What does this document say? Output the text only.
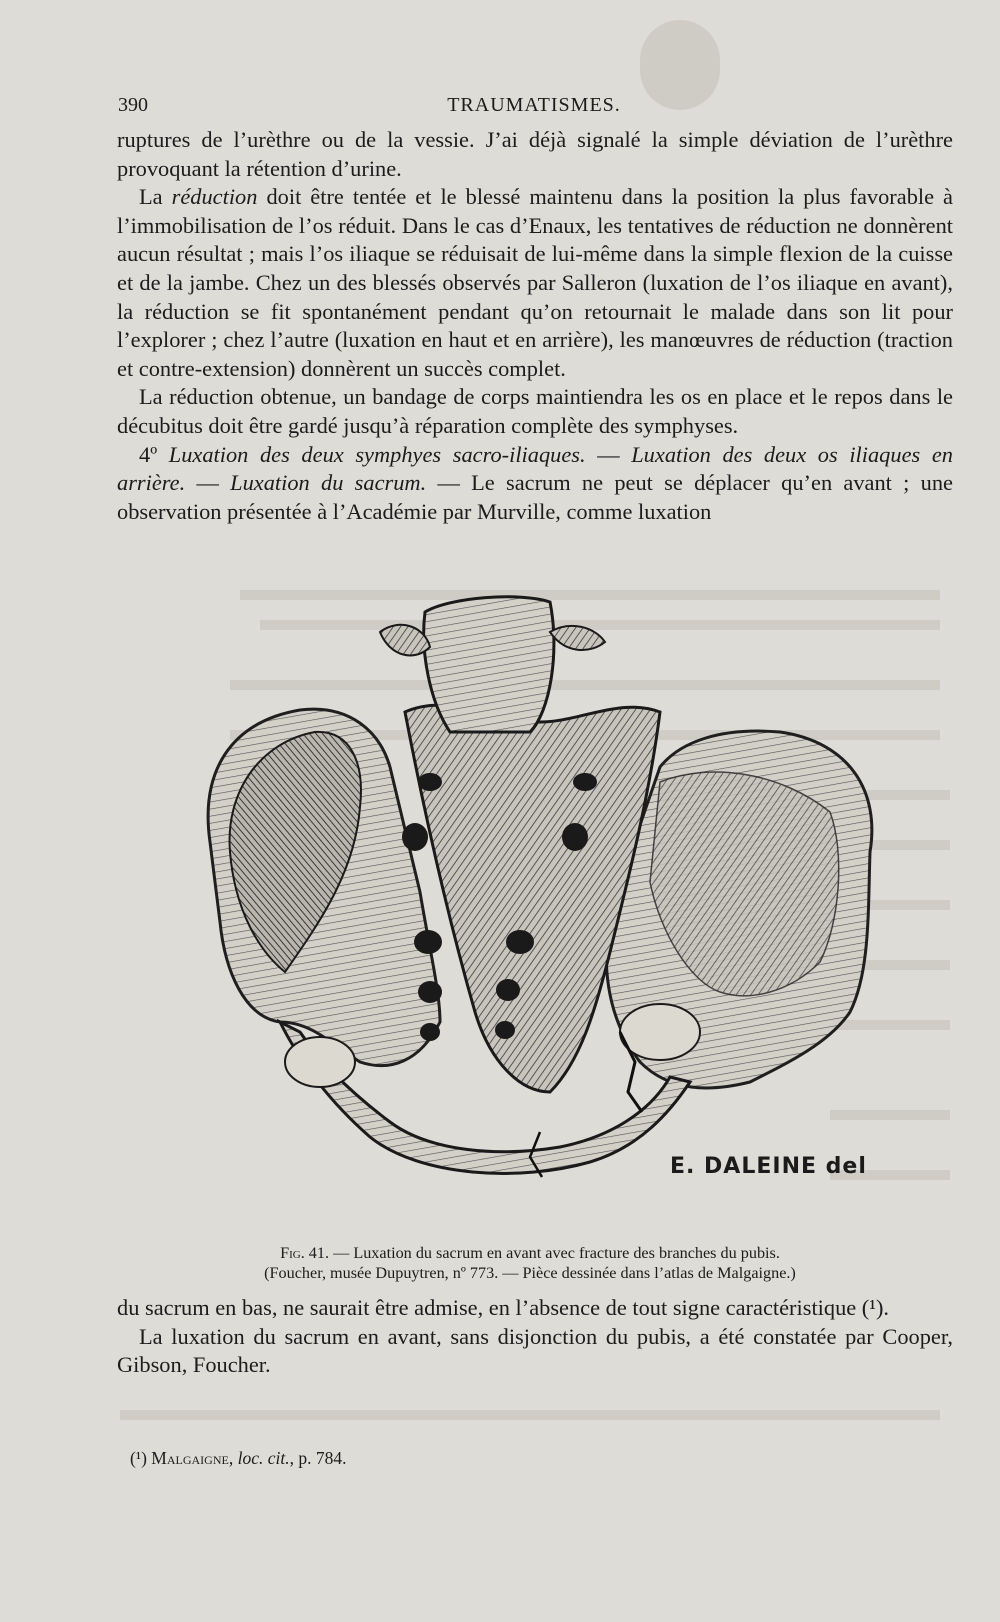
390	TRAUMATISMES.

ruptures de l’urèthre ou de la vessie. J’ai déjà signalé la simple déviation de l’urèthre provoquant la rétention d’urine.

La réduction doit être tentée et le blessé maintenu dans la position la plus favorable à l’immobilisation de l’os réduit. Dans le cas d’Enaux, les tentatives de réduction ne donnèrent aucun résultat ; mais l’os iliaque se réduisait de lui-même dans la simple flexion de la cuisse et de la jambe. Chez un des blessés observés par Salleron (luxation de l’os iliaque en avant), la réduction se fit spontanément pendant qu’on retournait le malade dans son lit pour l’explorer ; chez l’autre (luxation en haut et en arrière), les manœuvres de réduction (traction et contre-extension) donnèrent un succès complet.

La réduction obtenue, un bandage de corps maintiendra les os en place et le repos dans le décubitus doit être gardé jusqu’à réparation complète des symphyses.

4º Luxation des deux symphyes sacro-iliaques. — Luxation des deux os iliaques en arrière. — Luxation du sacrum. — Le sacrum ne peut se déplacer qu’en avant ; une observation présentée à l’Académie par Murville, comme luxation

E. DALEINE del
Fig. 41. — Luxation du sacrum en avant avec fracture des branches du pubis.
(Foucher, musée Dupuytren, nº 773. — Pièce dessinée dans l’atlas de Malgaigne.)

du sacrum en bas, ne saurait être admise, en l’absence de tout signe caractéristique (¹).

La luxation du sacrum en avant, sans disjonction du pubis, a été constatée par Cooper, Gibson, Foucher.

(¹) Malgaigne, loc. cit., p. 784.
